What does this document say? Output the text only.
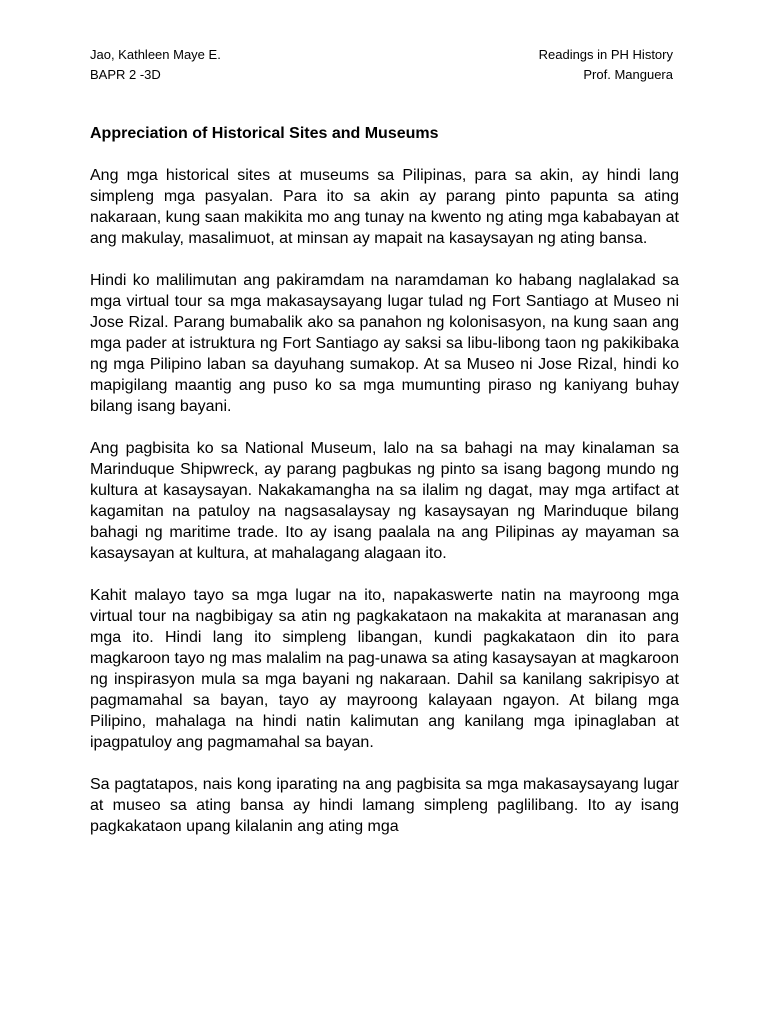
Jao, Kathleen Maye E.
BAPR 2 -3D
Readings in PH History
Prof. Manguera
Appreciation of Historical Sites and Museums

Ang mga historical sites at museums sa Pilipinas, para sa akin, ay hindi lang simpleng mga pasyalan. Para ito sa akin ay parang pinto papunta sa ating nakaraan, kung saan makikita mo ang tunay na kwento ng ating mga kababayan at ang makulay, masalimuot, at minsan ay mapait na kasaysayan ng ating bansa.

Hindi ko malilimutan ang pakiramdam na naramdaman ko habang naglalakad sa mga virtual tour sa mga makasaysayang lugar tulad ng Fort Santiago at Museo ni Jose Rizal. Parang bumabalik ako sa panahon ng kolonisasyon, na kung saan ang mga pader at istruktura ng Fort Santiago ay saksi sa libu-libong taon ng pakikibaka ng mga Pilipino laban sa dayuhang sumakop. At sa Museo ni Jose Rizal, hindi ko mapigilang maantig ang puso ko sa mga mumunting piraso ng kaniyang buhay bilang isang bayani.

Ang pagbisita ko sa National Museum, lalo na sa bahagi na may kinalaman sa Marinduque Shipwreck, ay parang pagbukas ng pinto sa isang bagong mundo ng kultura at kasaysayan. Nakakamangha na sa ilalim ng dagat, may mga artifact at kagamitan na patuloy na nagsasalaysay ng kasaysayan ng Marinduque bilang bahagi ng maritime trade. Ito ay isang paalala na ang Pilipinas ay mayaman sa kasaysayan at kultura, at mahalagang alagaan ito.

Kahit malayo tayo sa mga lugar na ito, napakaswerte natin na mayroong mga virtual tour na nagbibigay sa atin ng pagkakataon na makakita at maranasan ang mga ito. Hindi lang ito simpleng libangan, kundi pagkakataon din ito para magkaroon tayo ng mas malalim na pag-unawa sa ating kasaysayan at magkaroon ng inspirasyon mula sa mga bayani ng nakaraan. Dahil sa kanilang sakripisyo at pagmamahal sa bayan, tayo ay mayroong kalayaan ngayon. At bilang mga Pilipino, mahalaga na hindi natin kalimutan ang kanilang mga ipinaglaban at ipagpatuloy ang pagmamahal sa bayan.

Sa pagtatapos, nais kong iparating na ang pagbisita sa mga makasaysayang lugar at museo sa ating bansa ay hindi lamang simpleng paglilibang. Ito ay isang pagkakataon upang kilalanin ang ating mga
